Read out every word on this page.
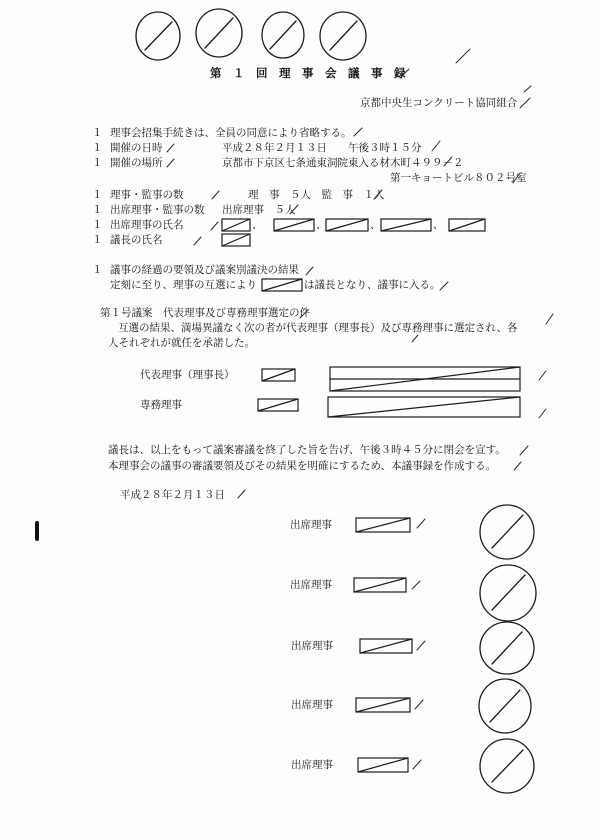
第　１　回　理　事　会　議　事　録
京都中央生コンクリート協同組合
１ 理事会招集手続きは、全員の同意により省略する。
１ 開催の日時	平成２８年２月１３日　　午後３時１５分
１ 開催の場所	京都市下京区七条通東洞院東入る材木町４９９－２
第一キョートビル８０２号室
１ 理事・監事の数	理　事　５人　監　事　１人
１ 出席理事・監事の数 出席理事　５人
１ 出席理事の氏名	、	、	、	、
１ 議長の氏名
１ 議事の経過の要領及び議案別議決の結果
定刻に至り、理事の互選により	は議長となり、議事に入る。
第１号議案　代表理事及び専務理事選定の件
互選の結果、満場異議なく次の者が代表理事（理事長）及び専務理事に選定され、各
人それぞれが就任を承諾した。
代表理事（理事長）
専務理事
議長は、以上をもって議案審議を終了した旨を告げ、午後３時４５分に閉会を宣す。
本理事会の議事の審議要領及びその結果を明確にするため、本議事録を作成する。
平成２８年２月１３日
出席理事
出席理事
出席理事
出席理事
出席理事
